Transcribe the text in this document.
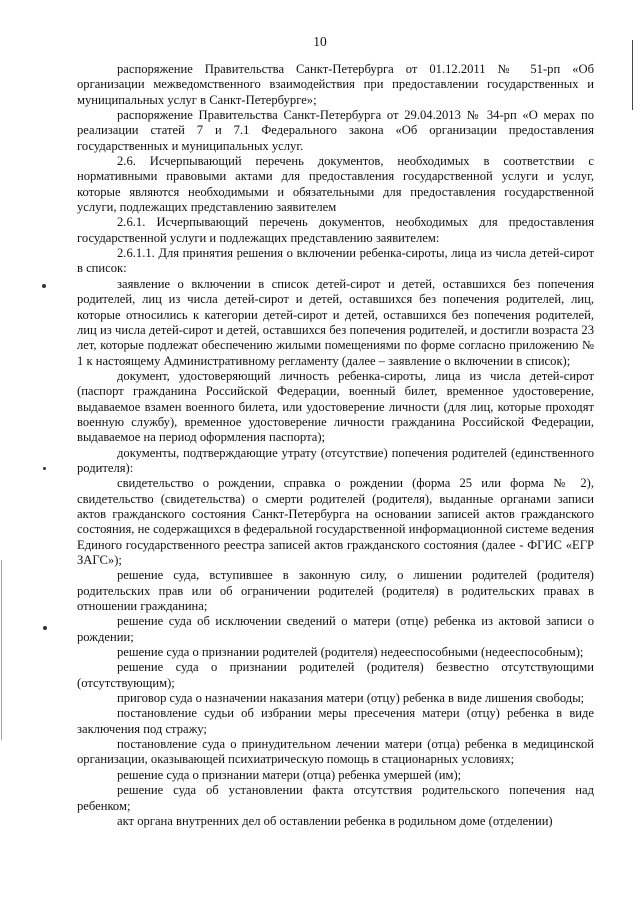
10

распоряжение Правительства Санкт-Петербурга от 01.12.2011 № 51-рп «Об организации межведомственного взаимодействия при предоставлении государственных и муниципальных услуг в Санкт-Петербурге»;

распоряжение Правительства Санкт-Петербурга от 29.04.2013 № 34-рп «О мерах по реализации статей 7 и 7.1 Федерального закона «Об организации предоставления государственных и муниципальных услуг.

2.6. Исчерпывающий перечень документов, необходимых в соответствии с нормативными правовыми актами для предоставления государственной услуги и услуг, которые являются необходимыми и обязательными для предоставления государственной услуги, подлежащих представлению заявителем

2.6.1. Исчерпывающий перечень документов, необходимых для предоставления государственной услуги и подлежащих представлению заявителем:

2.6.1.1. Для принятия решения о включении ребенка-сироты, лица из числа детей-сирот в список:

заявление о включении в список детей-сирот и детей, оставшихся без попечения родителей, лиц из числа детей-сирот и детей, оставшихся без попечения родителей, лиц, которые относились к категории детей-сирот и детей, оставшихся без попечения родителей, лиц из числа детей-сирот и детей, оставшихся без попечения родителей, и достигли возраста 23 лет, которые подлежат обеспечению жилыми помещениями по форме согласно приложению № 1 к настоящему Административному регламенту (далее – заявление о включении в список);

документ, удостоверяющий личность ребенка-сироты, лица из числа детей-сирот (паспорт гражданина Российской Федерации, военный билет, временное удостоверение, выдаваемое взамен военного билета, или удостоверение личности (для лиц, которые проходят военную службу), временное удостоверение личности гражданина Российской Федерации, выдаваемое на период оформления паспорта);

документы, подтверждающие утрату (отсутствие) попечения родителей (единственного родителя):

свидетельство о рождении, справка о рождении (форма 25 или форма № 2), свидетельство (свидетельства) о смерти родителей (родителя), выданные органами записи актов гражданского состояния Санкт-Петербурга на основании записей актов гражданского состояния, не содержащихся в федеральной государственной информационной системе ведения Единого государственного реестра записей актов гражданского состояния (далее - ФГИС «ЕГР ЗАГС»);

решение суда, вступившее в законную силу, о лишении родителей (родителя) родительских прав или об ограничении родителей (родителя) в родительских правах в отношении гражданина;

решение суда об исключении сведений о матери (отце) ребенка из актовой записи о рождении;

решение суда о признании родителей (родителя) недееспособными (недееспособным);

решение суда о признании родителей (родителя) безвестно отсутствующими (отсутствующим);

приговор суда о назначении наказания матери (отцу) ребенка в виде лишения свободы;

постановление судьи об избрании меры пресечения матери (отцу) ребенка в виде заключения под стражу;

постановление суда о принудительном лечении матери (отца) ребенка в медицинской организации, оказывающей психиатрическую помощь в стационарных условиях;

решение суда о признании матери (отца) ребенка умершей (им);

решение суда об установлении факта отсутствия родительского попечения над ребенком;

акт органа внутренних дел об оставлении ребенка в родильном доме (отделении)
